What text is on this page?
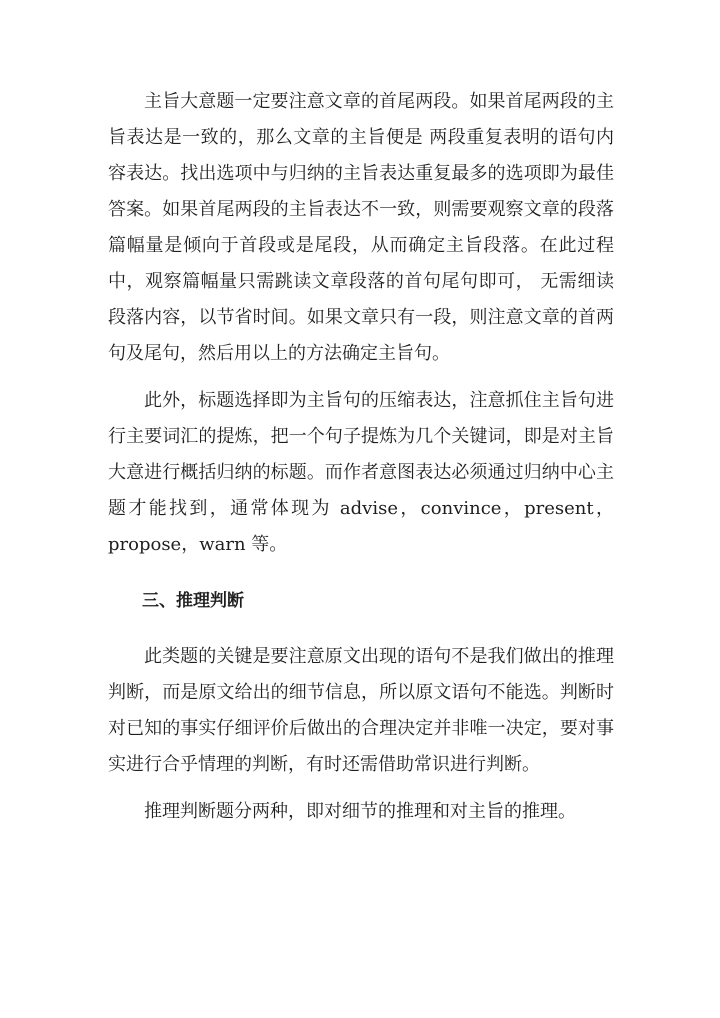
主旨大意题一定要注意文章的首尾两段。如果首尾两段的主旨表达是一致的，那么文章的主旨便是 两段重复表明的语句内容表达。找出选项中与归纳的主旨表达重复最多的选项即为最佳答案。如果首尾两段的主旨表达不一致，则需要观察文章的段落篇幅量是倾向于首段或是尾段，从而确定主旨段落。在此过程中，观察篇幅量只需跳读文章段落的首句尾句即可， 无需细读段落内容，以节省时间。如果文章只有一段，则注意文章的首两句及尾句，然后用以上的方法确定主旨句。

此外，标题选择即为主旨句的压缩表达，注意抓住主旨句进行主要词汇的提炼，把一个句子提炼为几个关键词，即是对主旨大意进行概括归纳的标题。而作者意图表达必须通过归纳中心主题才能找到，通常体现为 advise，convince，present，propose，warn 等。

三、推理判断

此类题的关键是要注意原文出现的语句不是我们做出的推理判断，而是原文给出的细节信息，所以原文语句不能选。判断时对已知的事实仔细评价后做出的合理决定并非唯一决定，要对事实进行合乎情理的判断，有时还需借助常识进行判断。

推理判断题分两种，即对细节的推理和对主旨的推理。
